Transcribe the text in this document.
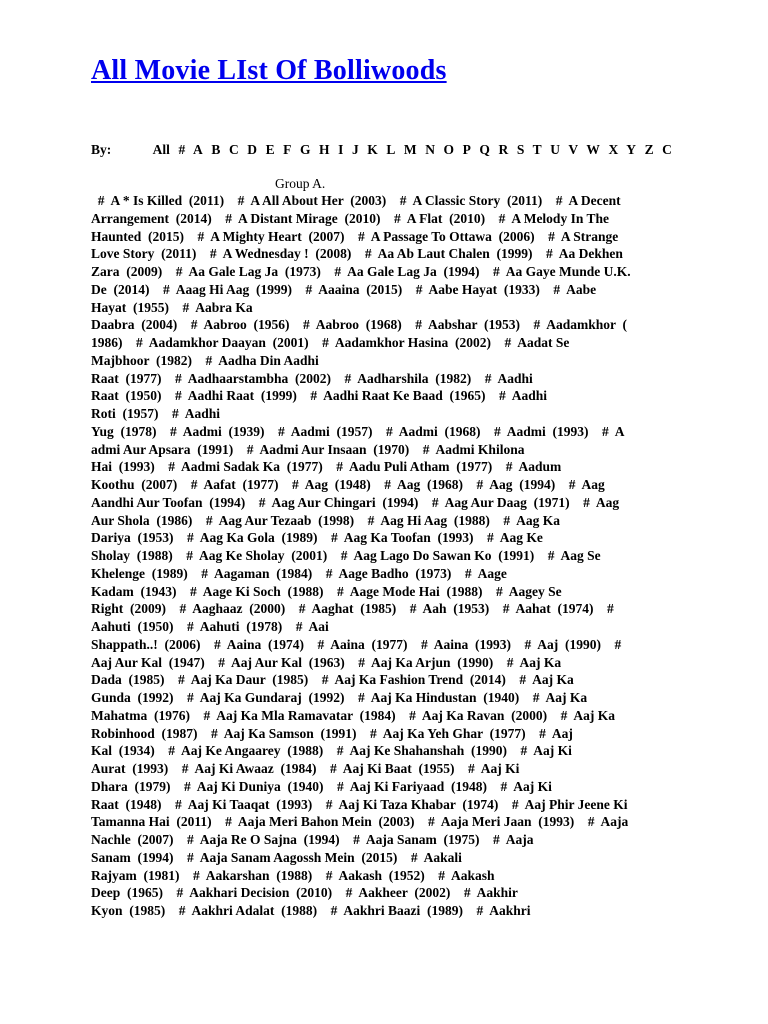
All Movie LIst Of Bolliwoods
By:	All # A B C D E F G H I J K L M N O P Q R S T U V W X Y Z C
Group A.
#  A * Is Killed  (2011)    #  A All About Her  (2003)    #  A Classic Story  (2011)    #  A Decent
Arrangement  (2014)    #  A Distant Mirage  (2010)    #  A Flat  (2010)    #  A Melody In The
Haunted  (2015)    #  A Mighty Heart  (2007)    #  A Passage To Ottawa  (2006)    #  A Strange
Love Story  (2011)    #  A Wednesday !  (2008)    #  Aa Ab Laut Chalen  (1999)    #  Aa Dekhen
Zara  (2009)    #  Aa Gale Lag Ja  (1973)    #  Aa Gale Lag Ja  (1994)    #  Aa Gaye Munde U.K.
De  (2014)    #  Aaag Hi Aag  (1999)    #  Aaaina  (2015)    #  Aabe Hayat  (1933)    #  Aabe
Hayat  (1955)    #  Aabra Ka
Daabra  (2004)    #  Aabroo  (1956)    #  Aabroo  (1968)    #  Aabshar  (1953)    #  Aadamkhor  (
1986)    #  Aadamkhor Daayan  (2001)    #  Aadamkhor Hasina  (2002)    #  Aadat Se
Majbhoor  (1982)    #  Aadha Din Aadhi
Raat  (1977)    #  Aadhaarstambha  (2002)    #  Aadharshila  (1982)    #  Aadhi
Raat  (1950)    #  Aadhi Raat  (1999)    #  Aadhi Raat Ke Baad  (1965)    #  Aadhi
Roti  (1957)    #  Aadhi
Yug  (1978)    #  Aadmi  (1939)    #  Aadmi  (1957)    #  Aadmi  (1968)    #  Aadmi  (1993)    #  A
admi Aur Apsara  (1991)    #  Aadmi Aur Insaan  (1970)    #  Aadmi Khilona
Hai  (1993)    #  Aadmi Sadak Ka  (1977)    #  Aadu Puli Atham  (1977)    #  Aadum
Koothu  (2007)    #  Aafat  (1977)    #  Aag  (1948)    #  Aag  (1968)    #  Aag  (1994)    #  Aag
Aandhi Aur Toofan  (1994)    #  Aag Aur Chingari  (1994)    #  Aag Aur Daag  (1971)    #  Aag
Aur Shola  (1986)    #  Aag Aur Tezaab  (1998)    #  Aag Hi Aag  (1988)    #  Aag Ka
Dariya  (1953)    #  Aag Ka Gola  (1989)    #  Aag Ka Toofan  (1993)    #  Aag Ke
Sholay  (1988)    #  Aag Ke Sholay  (2001)    #  Aag Lago Do Sawan Ko  (1991)    #  Aag Se
Khelenge  (1989)    #  Aagaman  (1984)    #  Aage Badho  (1973)    #  Aage
Kadam  (1943)    #  Aage Ki Soch  (1988)    #  Aage Mode Hai  (1988)    #  Aagey Se
Right  (2009)    #  Aaghaaz  (2000)    #  Aaghat  (1985)    #  Aah  (1953)    #  Aahat  (1974)    #
Aahuti  (1950)    #  Aahuti  (1978)    #  Aai
Shappath..!  (2006)    #  Aaina  (1974)    #  Aaina  (1977)    #  Aaina  (1993)    #  Aaj  (1990)    #
Aaj Aur Kal  (1947)    #  Aaj Aur Kal  (1963)    #  Aaj Ka Arjun  (1990)    #  Aaj Ka
Dada  (1985)    #  Aaj Ka Daur  (1985)    #  Aaj Ka Fashion Trend  (2014)    #  Aaj Ka
Gunda  (1992)    #  Aaj Ka Gundaraj  (1992)    #  Aaj Ka Hindustan  (1940)    #  Aaj Ka
Mahatma  (1976)    #  Aaj Ka Mla Ramavatar  (1984)    #  Aaj Ka Ravan  (2000)    #  Aaj Ka
Robinhood  (1987)    #  Aaj Ka Samson  (1991)    #  Aaj Ka Yeh Ghar  (1977)    #  Aaj
Kal  (1934)    #  Aaj Ke Angaarey  (1988)    #  Aaj Ke Shahanshah  (1990)    #  Aaj Ki
Aurat  (1993)    #  Aaj Ki Awaaz  (1984)    #  Aaj Ki Baat  (1955)    #  Aaj Ki
Dhara  (1979)    #  Aaj Ki Duniya  (1940)    #  Aaj Ki Fariyaad  (1948)    #  Aaj Ki
Raat  (1948)    #  Aaj Ki Taaqat  (1993)    #  Aaj Ki Taza Khabar  (1974)    #  Aaj Phir Jeene Ki
Tamanna Hai  (2011)    #  Aaja Meri Bahon Mein  (2003)    #  Aaja Meri Jaan  (1993)    #  Aaja
Nachle  (2007)    #  Aaja Re O Sajna  (1994)    #  Aaja Sanam  (1975)    #  Aaja
Sanam  (1994)    #  Aaja Sanam Aagossh Mein  (2015)    #  Aakali
Rajyam  (1981)    #  Aakarshan  (1988)    #  Aakash  (1952)    #  Aakash
Deep  (1965)    #  Aakhari Decision  (2010)    #  Aakheer  (2002)    #  Aakhir
Kyon  (1985)    #  Aakhri Adalat  (1988)    #  Aakhri Baazi  (1989)    #  Aakhri
